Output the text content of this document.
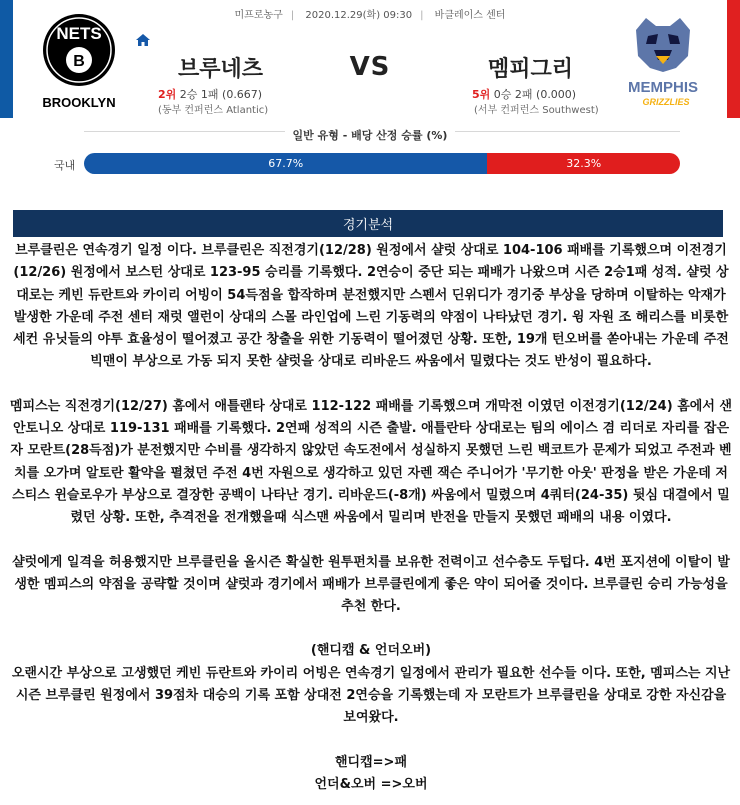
미프로농구 | 2020.12.29(화) 09:30 | 바클레이스 센터
NETS
B
BROOKLYN
MEMPHIS
GRIZZLIES
브루네츠	VS	멤피그리
2위 2승 1패 (0.667)
(동부 컨퍼런스 Atlantic)
5위 0승 2패 (0.000)
(서부 컨퍼런스 Southwest)
일반 유형 - 배당 산정 승률 (%)
국내	67.7%	32.3%
경기분석

브루클린은 연속경기 일정 이다. 브루클린은 직전경기(12/28) 원정에서 샬럿 상대로 104-106 패배를 기록했으며 이전경기(12/26) 원정에서 보스턴 상대로 123-95 승리를 기록했다. 2연승이 중단 되는 패배가 나왔으며 시즌 2승1패 성적. 샬럿 상대로는 케빈 듀란트와 카이리 어빙이 54득점을 합작하며 분전했지만 스펜서 딘위디가 경기중 부상을 당하며 이탈하는 악재가 발생한 가운데 주전 센터 재럿 앨런이 상대의 스몰 라인업에 느린 기동력의 약점이 나타났던 경기. 윙 자원 조 해리스를 비롯한 세컨 유닛들의 야투 효율성이 떨어졌고 공간 창출을 위한 기동력이 떨어졌던 상황. 또한, 19개 턴오버를 쏟아내는 가운데 주전 빅맨이 부상으로 가동 되지 못한 샬럿을 상대로 리바운드 싸움에서 밀렸다는 것도 반성이 필요하다.

멤피스는 직전경기(12/27) 홈에서 애틀랜타 상대로 112-122 패배를 기록했으며 개막전 이였던 이전경기(12/24) 홈에서 샌안토니오 상대로 119-131 패배를 기록했다. 2연패 성적의 시즌 출발. 애틀란타 상대로는 팀의 에이스 겸 리더로 자리를 잡은 자 모란트(28득점)가 분전했지만 수비를 생각하지 않았던 속도전에서 성실하지 못했던 느린 백코트가 문제가 되었고 주전과 벤치를 오가며 알토란 활약을 펼쳤던 주전 4번 자원으로 생각하고 있던 자렌 잭슨 주니어가 '무기한 아웃' 판정을 받은 가운데 저스티스 윈슬로우가 부상으로 결장한 공백이 나타난 경기. 리바운드(-8개) 싸움에서 밀렸으며 4쿼터(24-35) 뒷심 대결에서 밀렸던 상황. 또한, 추격전을 전개했을때 식스맨 싸움에서 밀리며 반전을 만들지 못했던 패배의 내용 이였다.

샬럿에게 일격을 허용했지만 브루클린을 올시즌 확실한 원투펀치를 보유한 전력이고 선수층도 두텁다. 4번 포지션에 이탈이 발생한 멤피스의 약점을 공략할 것이며 샬럿과 경기에서 패배가 브루클린에게 좋은 약이 되어줄 것이다. 브루클린 승리 가능성을 추천 한다.

(핸디캡 & 언더오버)
오랜시간 부상으로 고생했던 케빈 듀란트와 카이리 어빙은 연속경기 일정에서 관리가 필요한 선수들 이다. 또한, 멤피스는 지난시즌 브루클린 원정에서 39점차 대승의 기록 포함 상대전 2연승을 기록했는데 자 모란트가 브루클린을 상대로 강한 자신감을 보여왔다.

핸디캡=>패

언더&오버 =>오버
